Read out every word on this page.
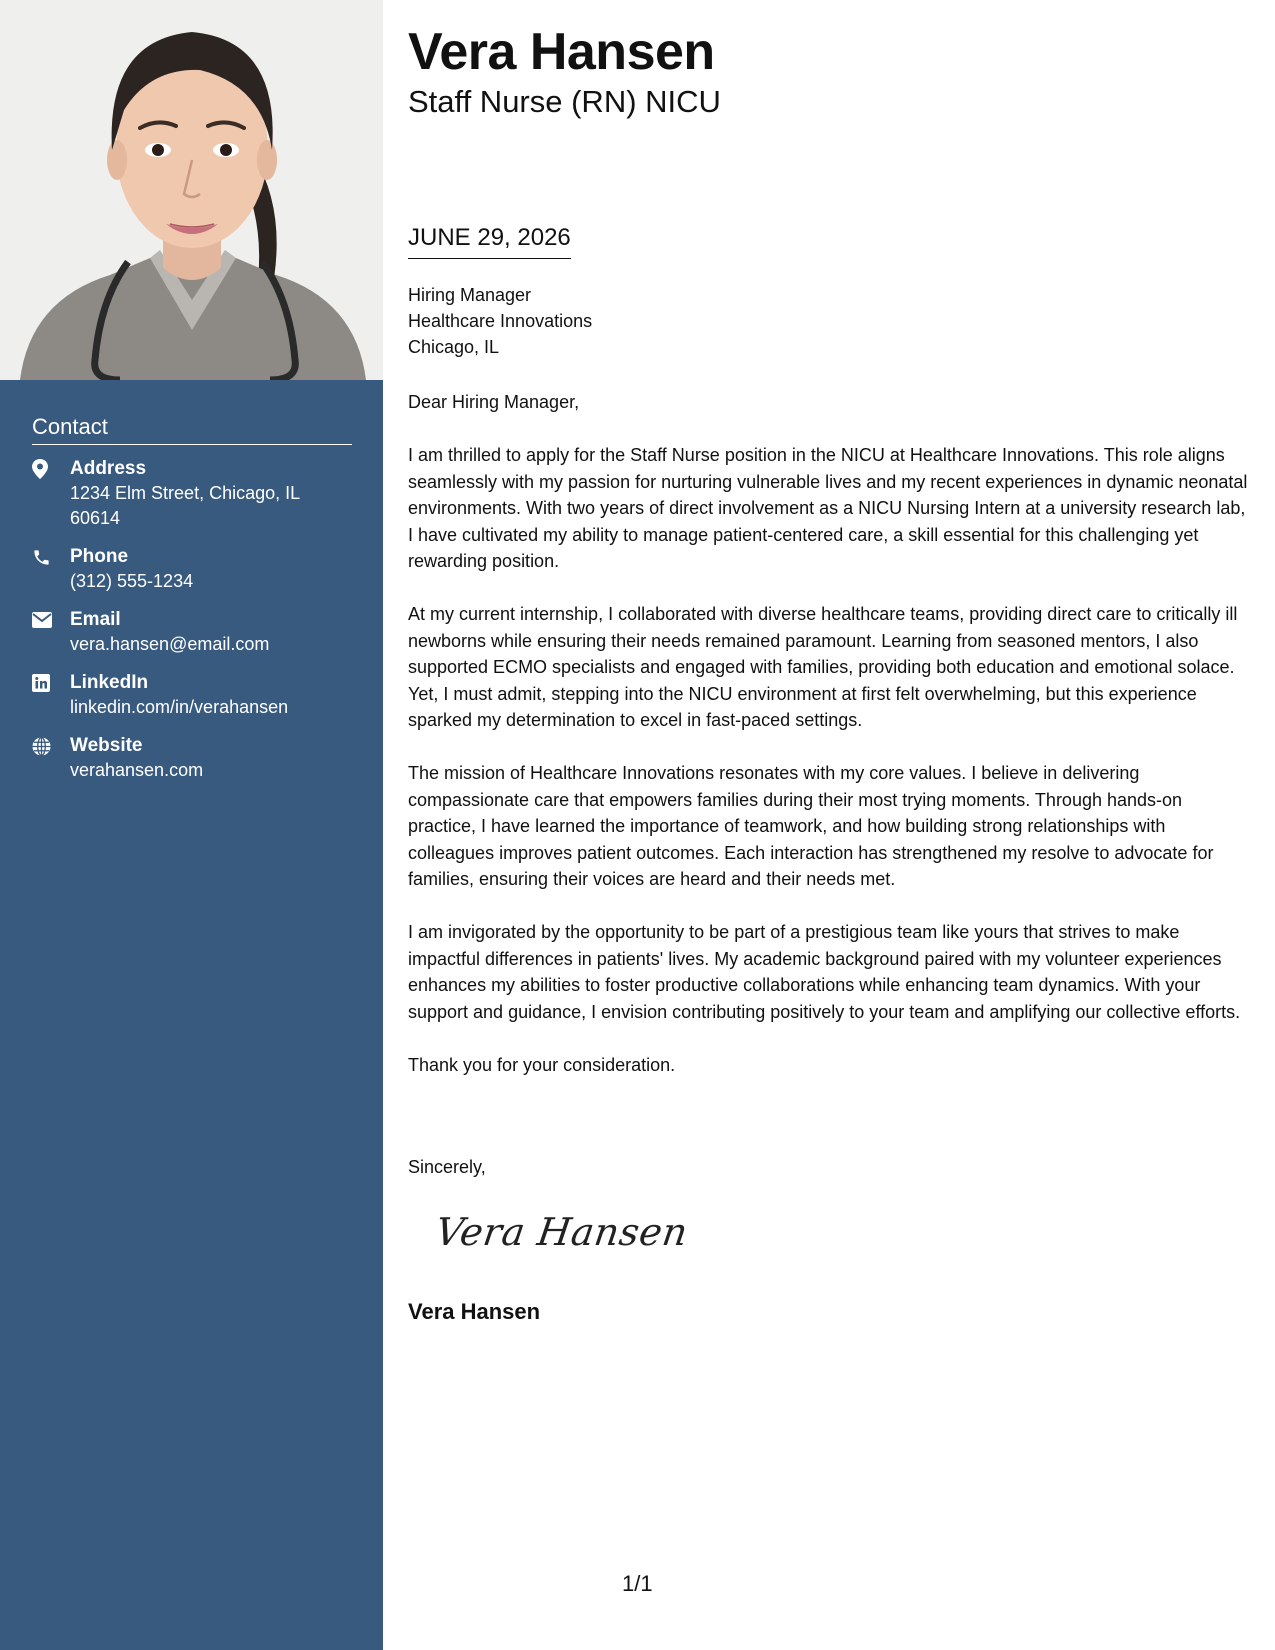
Contact
Address
1234 Elm Street, Chicago, IL 60614
Phone
(312) 555-1234
Email
vera.hansen@email.com
LinkedIn
linkedin.com/in/verahansen
Website
verahansen.com
Vera Hansen
Staff Nurse (RN) NICU
JUNE 29, 2026
Hiring Manager
Healthcare Innovations
Chicago, IL
Dear Hiring Manager,

I am thrilled to apply for the Staff Nurse position in the NICU at Healthcare Innovations. This role aligns seamlessly with my passion for nurturing vulnerable lives and my recent experiences in dynamic neonatal environments. With two years of direct involvement as a NICU Nursing Intern at a university research lab, I have cultivated my ability to manage patient-centered care, a skill essential for this challenging yet rewarding position.

At my current internship, I collaborated with diverse healthcare teams, providing direct care to critically ill newborns while ensuring their needs remained paramount. Learning from seasoned mentors, I also supported ECMO specialists and engaged with families, providing both education and emotional solace. Yet, I must admit, stepping into the NICU environment at first felt overwhelming, but this experience sparked my determination to excel in fast-paced settings.

The mission of Healthcare Innovations resonates with my core values. I believe in delivering compassionate care that empowers families during their most trying moments. Through hands-on practice, I have learned the importance of teamwork, and how building strong relationships with colleagues improves patient outcomes. Each interaction has strengthened my resolve to advocate for families, ensuring their voices are heard and their needs met.

I am invigorated by the opportunity to be part of a prestigious team like yours that strives to make impactful differences in patients' lives. My academic background paired with my volunteer experiences enhances my abilities to foster productive collaborations while enhancing team dynamics. With your support and guidance, I envision contributing positively to your team and amplifying our collective efforts.

Thank you for your consideration.

Sincerely,
Vera Hansen
Vera Hansen
1/1
